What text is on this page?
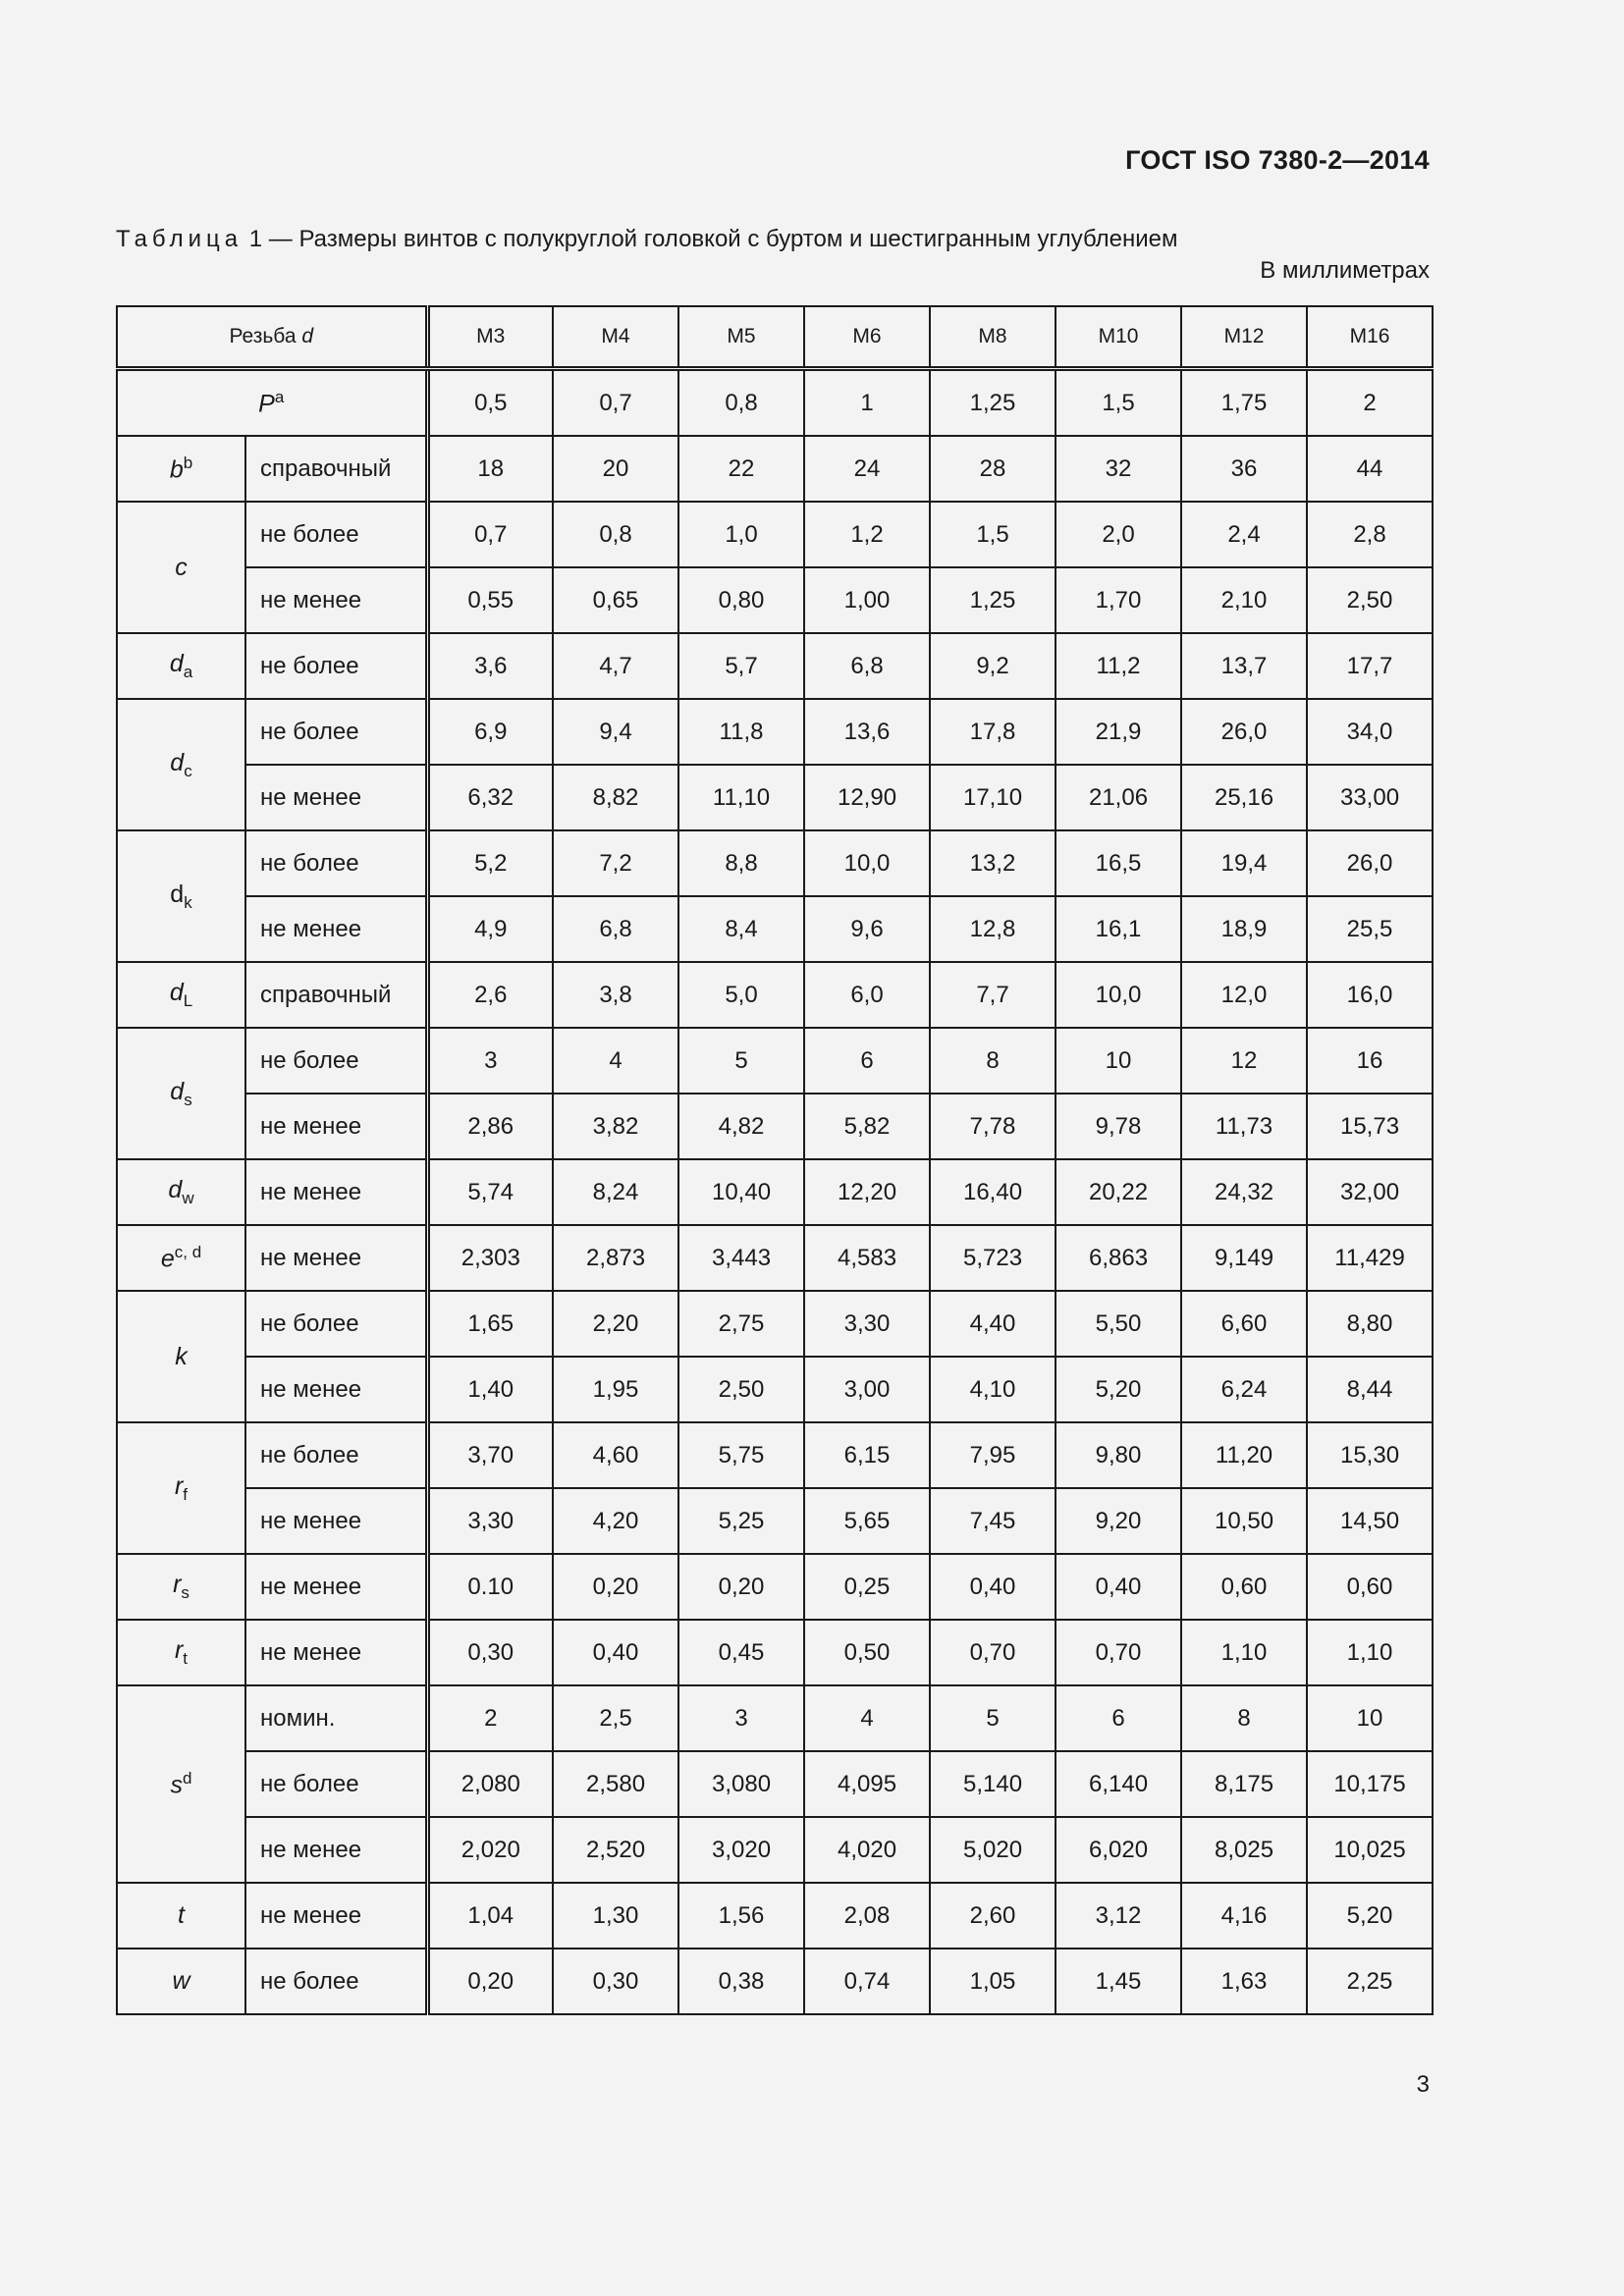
ГОСТ ISO 7380-2—2014
Таблица 1 — Размеры винтов с полукруглой головкой с буртом и шестигранным углублением
В миллиметрах
Резьба d		M3	M4	M5	M6	M8	M10	M12	M16
$P^a$		0,5	0,7	0,8	1	1,25	1,5	1,75	2
$b^b$	справочный	18	20	22	24	28	32	36	44
c	не более	0,7	0,8	1,0	1,2	1,5	2,0	2,4	2,8
	не менее	0,55	0,65	0,80	1,00	1,25	1,70	2,10	2,50
$d_a$	не более	3,6	4,7	5,7	6,8	9,2	11,2	13,7	17,7
$d_c$	не более	6,9	9,4	11,8	13,6	17,8	21,9	26,0	34,0
	не менее	6,32	8,82	11,10	12,90	17,10	21,06	25,16	33,00
$d_k$	не более	5,2	7,2	8,8	10,0	13,2	16,5	19,4	26,0
	не менее	4,9	6,8	8,4	9,6	12,8	16,1	18,9	25,5
$d_L$	справочный	2,6	3,8	5,0	6,0	7,7	10,0	12,0	16,0
$d_s$	не более	3	4	5	6	8	10	12	16
	не менее	2,86	3,82	4,82	5,82	7,78	9,78	11,73	15,73
$d_w$	не менее	5,74	8,24	10,40	12,20	16,40	20,22	24,32	32,00
$e^{c, d}$	не менее	2,303	2,873	3,443	4,583	5,723	6,863	9,149	11,429
k	не более	1,65	2,20	2,75	3,30	4,40	5,50	6,60	8,80
	не менее	1,40	1,95	2,50	3,00	4,10	5,20	6,24	8,44
$r_f$	не более	3,70	4,60	5,75	6,15	7,95	9,80	11,20	15,30
	не менее	3,30	4,20	5,25	5,65	7,45	9,20	10,50	14,50
$r_s$	не менее	0.10	0,20	0,20	0,25	0,40	0,40	0,60	0,60
$r_t$	не менее	0,30	0,40	0,45	0,50	0,70	0,70	1,10	1,10
$s^d$	номин.	2	2,5	3	4	5	6	8	10
	не более	2,080	2,580	3,080	4,095	5,140	6,140	8,175	10,175
	не менее	2,020	2,520	3,020	4,020	5,020	6,020	8,025	10,025
t	не менее	1,04	1,30	1,56	2,08	2,60	3,12	4,16	5,20
w	не более	0,20	0,30	0,38	0,74	1,05	1,45	1,63	2,25
3
